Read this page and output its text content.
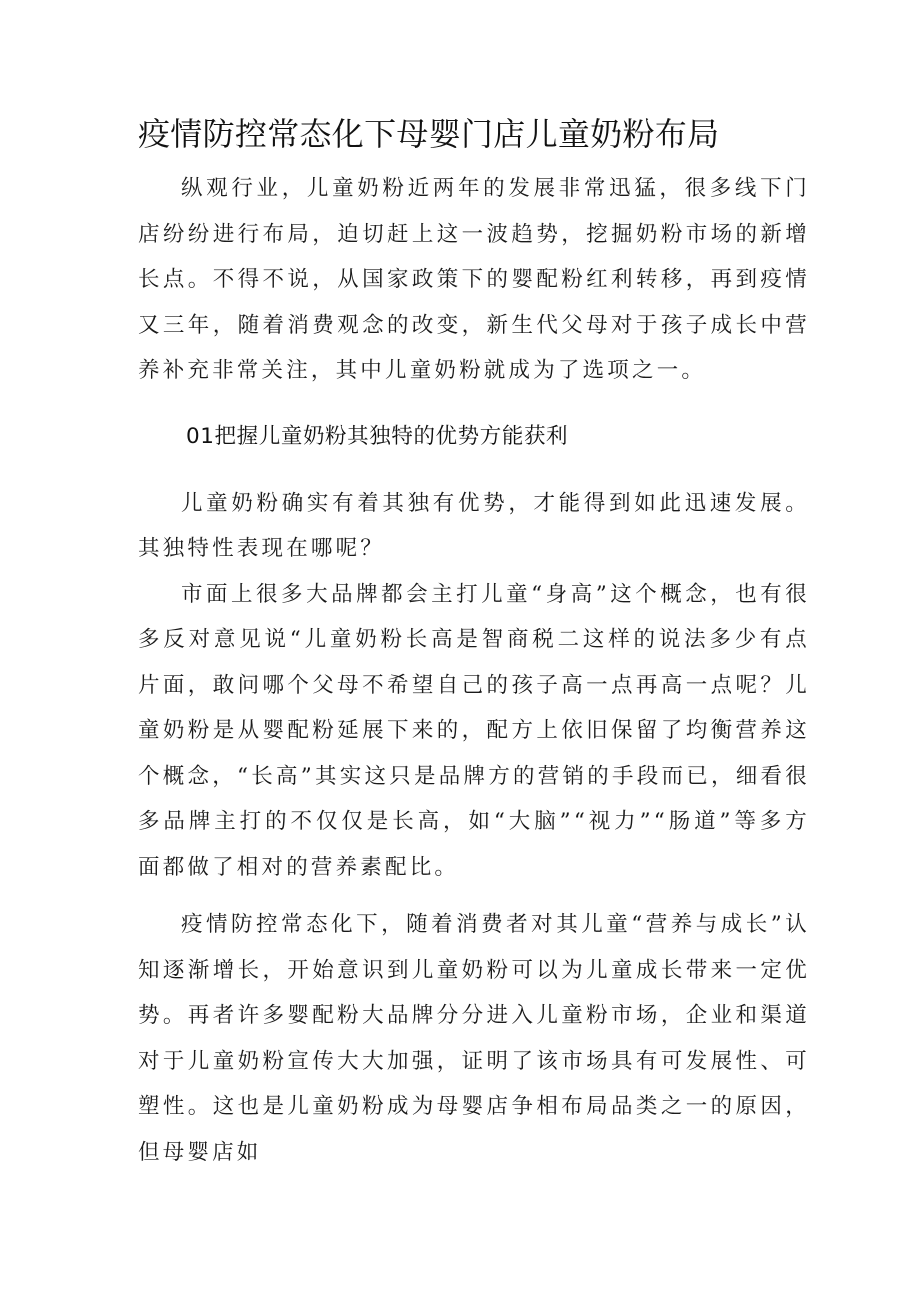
疫情防控常态化下母婴门店儿童奶粉布局

纵观行业，儿童奶粉近两年的发展非常迅猛，很多线下门店纷纷进行布局，迫切赶上这一波趋势，挖掘奶粉市场的新增长点。不得不说，从国家政策下的婴配粉红利转移，再到疫情又三年，随着消费观念的改变，新生代父母对于孩子成长中营养补充非常关注，其中儿童奶粉就成为了选项之一。

01把握儿童奶粉其独特的优势方能获利

儿童奶粉确实有着其独有优势，才能得到如此迅速发展。其独特性表现在哪呢？

市面上很多大品牌都会主打儿童“身高”这个概念，也有很多反对意见说“儿童奶粉长高是智商税二这样的说法多少有点片面，敢问哪个父母不希望自己的孩子高一点再高一点呢？儿童奶粉是从婴配粉延展下来的，配方上依旧保留了均衡营养这个概念，“长高”其实这只是品牌方的营销的手段而已，细看很多品牌主打的不仅仅是长高，如“大脑”“视力”“肠道”等多方面都做了相对的营养素配比。

疫情防控常态化下，随着消费者对其儿童“营养与成长”认知逐渐增长，开始意识到儿童奶粉可以为儿童成长带来一定优势。再者许多婴配粉大品牌分分进入儿童粉市场，企业和渠道对于儿童奶粉宣传大大加强，证明了该市场具有可发展性、可塑性。这也是儿童奶粉成为母婴店争相布局品类之一的原因，但母婴店如
